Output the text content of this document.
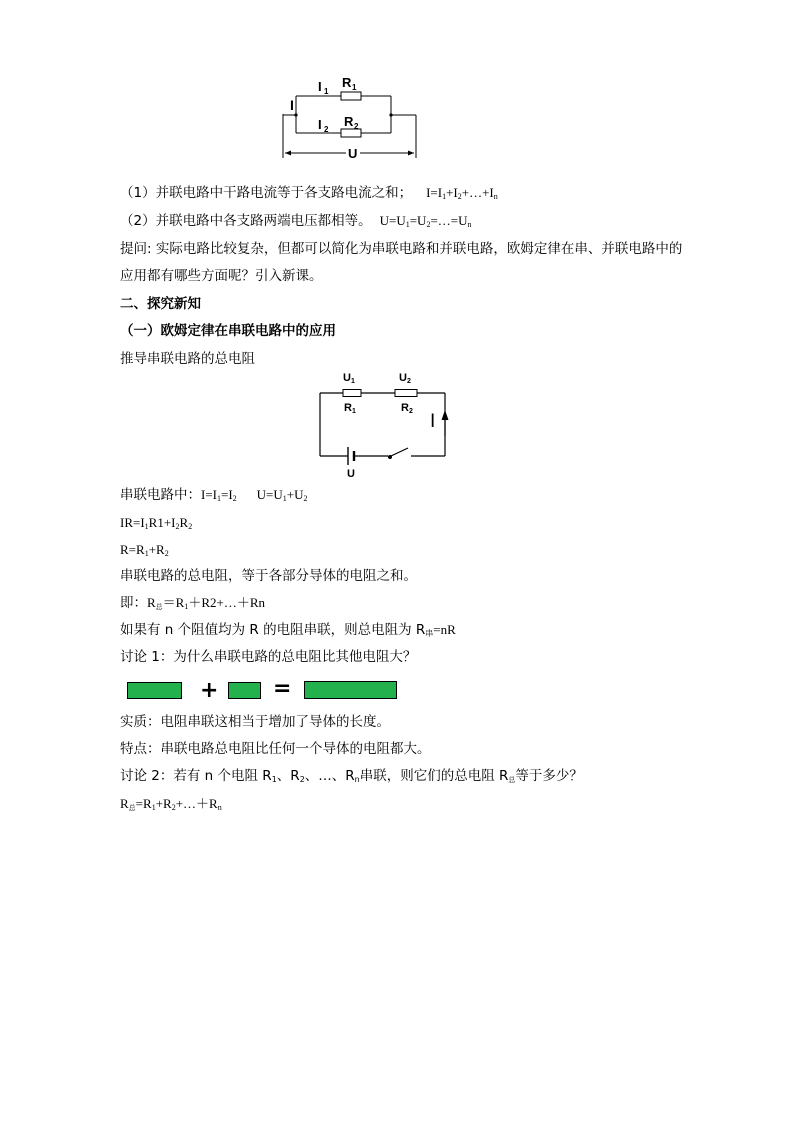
I
I 1
R 1
I 2
R 2
U
（1）并联电路中干路电流等于各支路电流之和； $I=I_1+I_2+\dots+I_n$
（2）并联电路中各支路两端电压都相等。 $U=U_1=U_2=\dots=U_n$
提问: 实际电路比较复杂，但都可以简化为串联电路和并联电路，欧姆定律在串、并联电路中的
应用都有哪些方面呢？引入新课。
二、探究新知
（一）欧姆定律在串联电路中的应用
推导串联电路的总电阻
U 1	U 2
R 1	R 2 I
U
串联电路中：$I=I_1=I_2$ $U=U_1+U_2$
$IR=I_1R1+I_2R_2$
$R=R_1+R_2$
串联电路的总电阻，等于各部分导体的电阻之和。
即：$R_总=R_1+R2+\dots+Rn$
如果有 n 个阻值均为 R 的电阻串联，则总电阻为 $R_串=nR$
讨论 1：为什么串联电路的总电阻比其他电阻大？
+ =
实质：电阻串联这相当于增加了导体的长度。
特点：串联电路总电阻比任何一个导体的电阻都大。
讨论 2：若有 n 个电阻 $R_1$、$R_2$、…、$R_n$串联，则它们的总电阻 $R_总$等于多少？
$R_总=R_1+R_2+\dots+R_n$
